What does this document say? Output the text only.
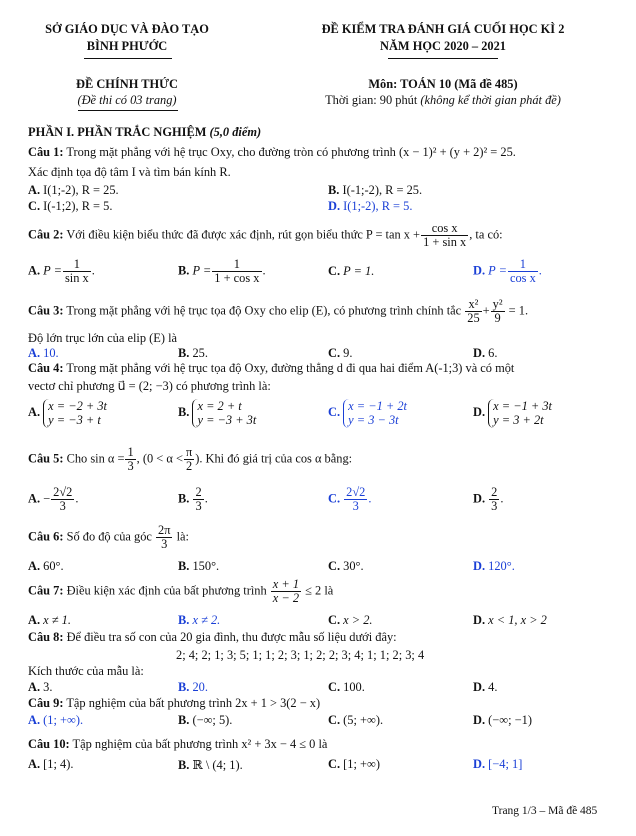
SỞ GIÁO DỤC VÀ ĐÀO TẠO
BÌNH PHƯỚC
ĐỀ KIỂM TRA ĐÁNH GIÁ CUỐI HỌC KÌ 2
NĂM HỌC 2020 – 2021
ĐỀ CHÍNH THỨC
(Đề thi có 03 trang)
Môn: TOÁN 10 (Mã đề 485)
Thời gian: 90 phút (không kể thời gian phát đề)
PHẦN I. PHẦN TRẮC NGHIỆM (5,0 điểm)
Câu 1: Trong mặt phẳng với hệ trục Oxy, cho đường tròn có phương trình (x − 1)² + (y + 2)² = 25.
Xác định tọa độ tâm I và tìm bán kính R.
A. I(1;-2), R = 25.	B. I(-1;-2), R = 25.
C. I(-1;2), R = 5.	D. I(1;-2), R = 5.
Câu 2: Với điều kiện biểu thức đã được xác định, rút gọn biểu thức $P = \tan x + \frac{\text{cos x}}{\text{1 + sin x}}$ , ta có:
A. $P = \frac{1}{\text{sin x}}$ .	B. $P = \frac{1}{\text{1 + cos x}}$ .	C. P = 1.	D. $P = \frac{1}{\text{cos x}}$ .
Câu 3: Trong mặt phẳng với hệ trục tọa độ Oxy cho elip (E), có phương trình chính tắc $\frac{\text{x²}}{25} + \frac{\text{y²}}{9} = 1$.
Độ lớn trục lớn của elip (E) là
A. 10.	B. 25.	C. 9.	D. 6.
Câu 4: Trong mặt phẳng với hệ trục tọa độ Oxy, đường thẳng d đi qua hai điểm A(-1;3) và có một
vectơ chỉ phương u⃗ = (2; −3) có phương trình là:
A. x = −2 + 3t
y = −3 + t
B. x = 2 + t
y = −3 + 3t
C. x = −1 + 2t
y = 3 − 3t
D. x = −1 + 3t
y = 3 + 2t
Câu 5: Cho $\sin \alpha = \frac{1}{3}$ , ($0 < \alpha < \frac{\pi}{2}$ ). Khi đó giá trị của cos α bằng:
A. − $\frac{2√2}{3}$ .	B. $\frac{2}{3}$ .	C. $\frac{2√2}{3}$ .	D. $\frac{2}{3}$ .
Câu 6: Số đo độ của góc $\frac{2\pi}{3}$ là:
A. 60°.	B. 150°.	C. 30°.	D. 120°.
Câu 7: Điều kiện xác định của bất phương trình $\frac{x + 1}{x - 2} \le 2$ là
A. x ≠ 1.	B. x ≠ 2.	C. x > 2.	D. x < 1, x > 2
Câu 8: Để điều tra số con của 20 gia đình, thu được mẫu số liệu dưới đây:
2; 4; 2; 1; 3; 5; 1; 1; 2; 3; 1; 2; 2; 3; 4; 1; 1; 2; 3; 4
Kích thước của mẫu là:
A. 3.	B. 20.	C. 100.	D. 4.
Câu 9: Tập nghiệm của bất phương trình 2x + 1 > 3(2 − x)
A. (1; +∞).	B. (−∞; 5).	C. (5; +∞).	D. (−∞; −1)
Câu 10: Tập nghiệm của bất phương trình x² + 3x − 4 ≤ 0 là
A. [1; 4).	B. ℝ \ (4; 1).	C. [1; +∞)	D. [−4; 1]
Trang 1/3 – Mã đề 485
